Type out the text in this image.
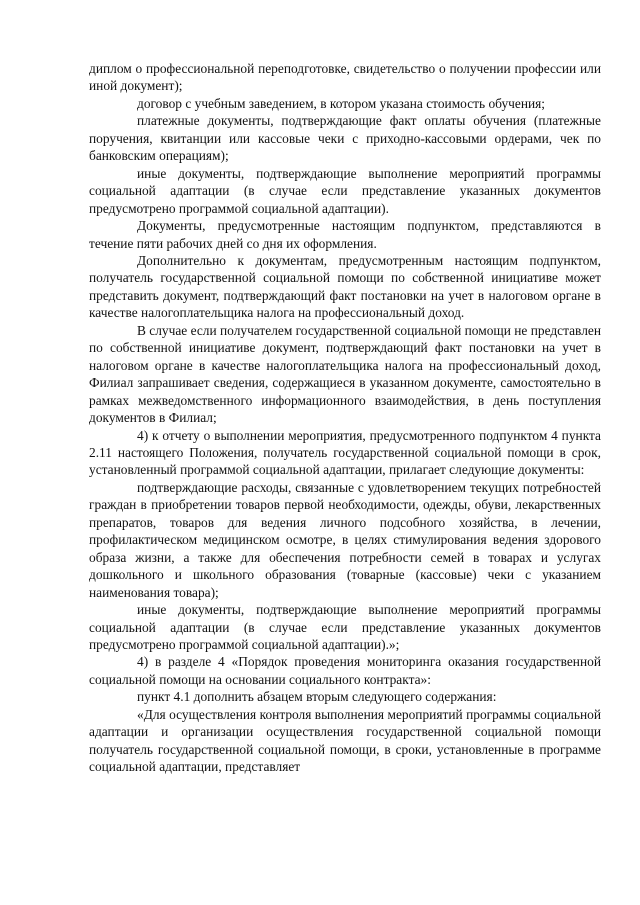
диплом о профессиональной переподготовке, свидетельство о получении профессии или иной документ);

договор с учебным заведением, в котором указана стоимость обучения;

платежные документы, подтверждающие факт оплаты обучения (платежные поручения, квитанции или кассовые чеки с приходно-кассовыми ордерами, чек по банковским операциям);

иные документы, подтверждающие выполнение мероприятий программы социальной адаптации (в случае если представление указанных документов предусмотрено программой социальной адаптации).

Документы, предусмотренные настоящим подпунктом, представляются в течение пяти рабочих дней со дня их оформления.

Дополнительно к документам, предусмотренным настоящим подпунктом, получатель государственной социальной помощи по собственной инициативе может представить документ, подтверждающий факт постановки на учет в налоговом органе в качестве налогоплательщика налога на профессиональный доход.

В случае если получателем государственной социальной помощи не представлен по собственной инициативе документ, подтверждающий факт постановки на учет в налоговом органе в качестве налогоплательщика налога на профессиональный доход, Филиал запрашивает сведения, содержащиеся в указанном документе, самостоятельно в рамках межведомственного информационного взаимодействия, в день поступления документов в Филиал;

4) к отчету о выполнении мероприятия, предусмотренного подпунктом 4 пункта 2.11 настоящего Положения, получатель государственной социальной помощи в срок, установленный программой социальной адаптации, прилагает следующие документы:

подтверждающие расходы, связанные с удовлетворением текущих потребностей граждан в приобретении товаров первой необходимости, одежды, обуви, лекарственных препаратов, товаров для ведения личного подсобного хозяйства, в лечении, профилактическом медицинском осмотре, в целях стимулирования ведения здорового образа жизни, а также для обеспечения потребности семей в товарах и услугах дошкольного и школьного образования (товарные (кассовые) чеки с указанием наименования товара);

иные документы, подтверждающие выполнение мероприятий программы социальной адаптации (в случае если представление указанных документов предусмотрено программой социальной адаптации).»;

4) в разделе 4 «Порядок проведения мониторинга оказания государственной социальной помощи на основании социального контракта»:

пункт 4.1 дополнить абзацем вторым следующего содержания:

«Для осуществления контроля выполнения мероприятий программы социальной адаптации и организации осуществления государственной социальной помощи получатель государственной социальной помощи, в сроки, установленные в программе социальной адаптации, представляет
